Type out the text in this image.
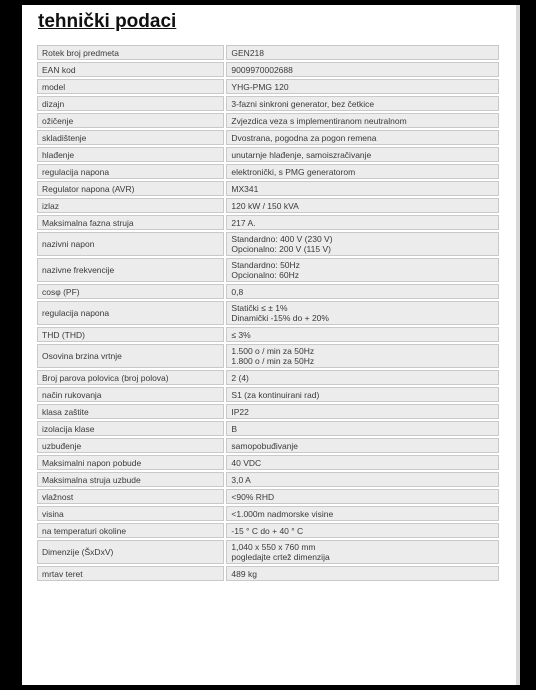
tehnički podaci
Rotek broj predmeta	GEN218
EAN kod	9009970002688
model	YHG-PMG 120
dizajn	3-fazni sinkroni generator, bez četkice
ožičenje	Zvjezdica veza s implementiranom neutralnom
skladištenje	Dvostrana, pogodna za pogon remena
hlađenje	unutarnje hlađenje, samoiszračivanje
regulacija napona	elektronički, s PMG generatorom
Regulator napona (AVR)	MX341
izlaz	120 kW / 150 kVA
Maksimalna fazna struja	217 A.
nazivni napon	Standardno: 400 V (230 V)
Opcionalno: 200 V (115 V)

nazivne frekvencije	Standardno: 50Hz
Opcionalno: 60Hz

cosφ (PF)	0,8
regulacija napona	Statički ≤ ± 1%
Dinamički -15% do + 20%

THD (THD)	≤ 3%
Osovina brzina vrtnje	1.500 o / min za 50Hz
1.800 o / min za 50Hz

Broj parova polovica (broj polova)	2 (4)
način rukovanja	S1 (za kontinuirani rad)
klasa zaštite	IP22
izolacija klase	B
uzbuđenje	samopobuđivanje
Maksimalni napon pobude	40 VDC
Maksimalna struja uzbude	3,0 A
vlažnost	<90% RHD
visina	<1.000m nadmorske visine
na temperaturi okoline	-15 ° C do + 40 ° C
Dimenzije (ŠxDxV)	1,040 x 550 x 760 mm
pogledajte crtež dimenzija

mrtav teret	489 kg
